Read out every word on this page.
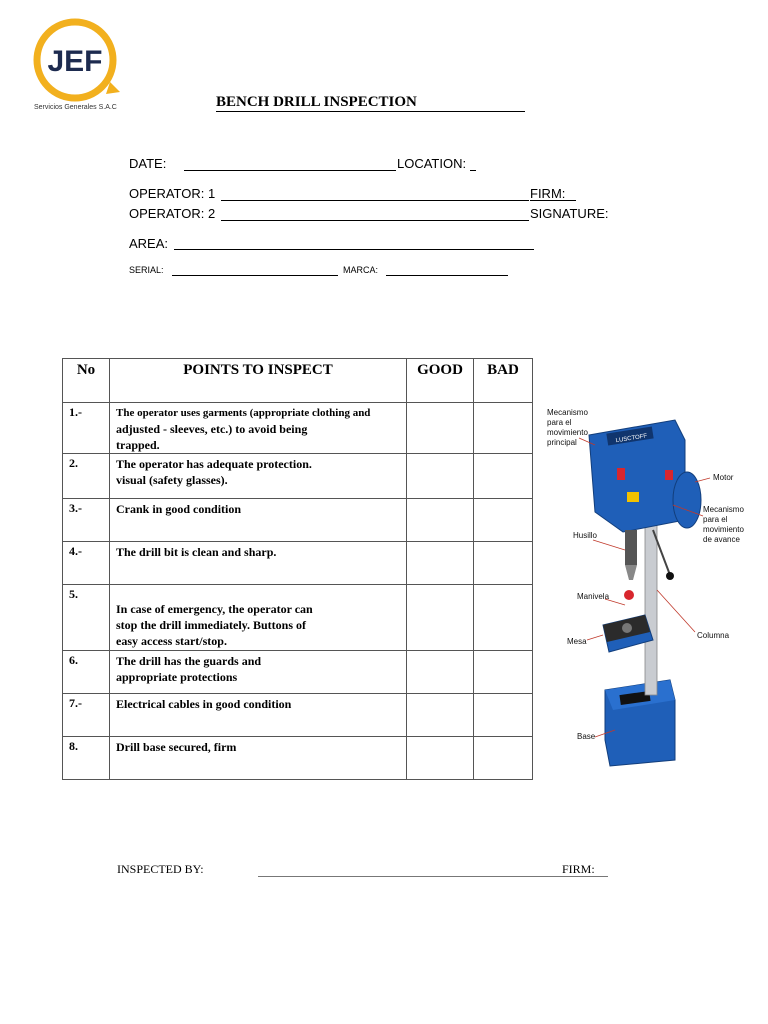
JEF
Servicios Generales S.A.C	BENCH DRILL INSPECTION
DATE:	LOCATION:
OPERATOR: 1	FIRM:
OPERATOR: 2	SIGNATURE:
AREA:
SERIAL:	MARCA:
No	POINTS TO INSPECT	GOOD	BAD
1.-	The operator uses garments (appropriate clothing and
adjusted - sleeves, etc.) to avoid being
trapped.		

2.	The operator has adequate protection.
visual (safety glasses).		

3.-	Crank in good condition		

4.-	The drill bit is clean and sharp.		

5.	In case of emergency, the operator can
stop the drill immediately. Buttons of
easy access start/stop.		

6.	The drill has the guards and
appropriate protections		

7.-	Electrical cables in good condition		

8.	Drill base secured, firm		

LUSCTOFF
Mecanismo
para el
movimiento
principal
Motor
Mecanismo
para el
movimiento
de avance
Husillo
Manivela
Columna
Mesa
Base
INSPECTED BY:	FIRM:
